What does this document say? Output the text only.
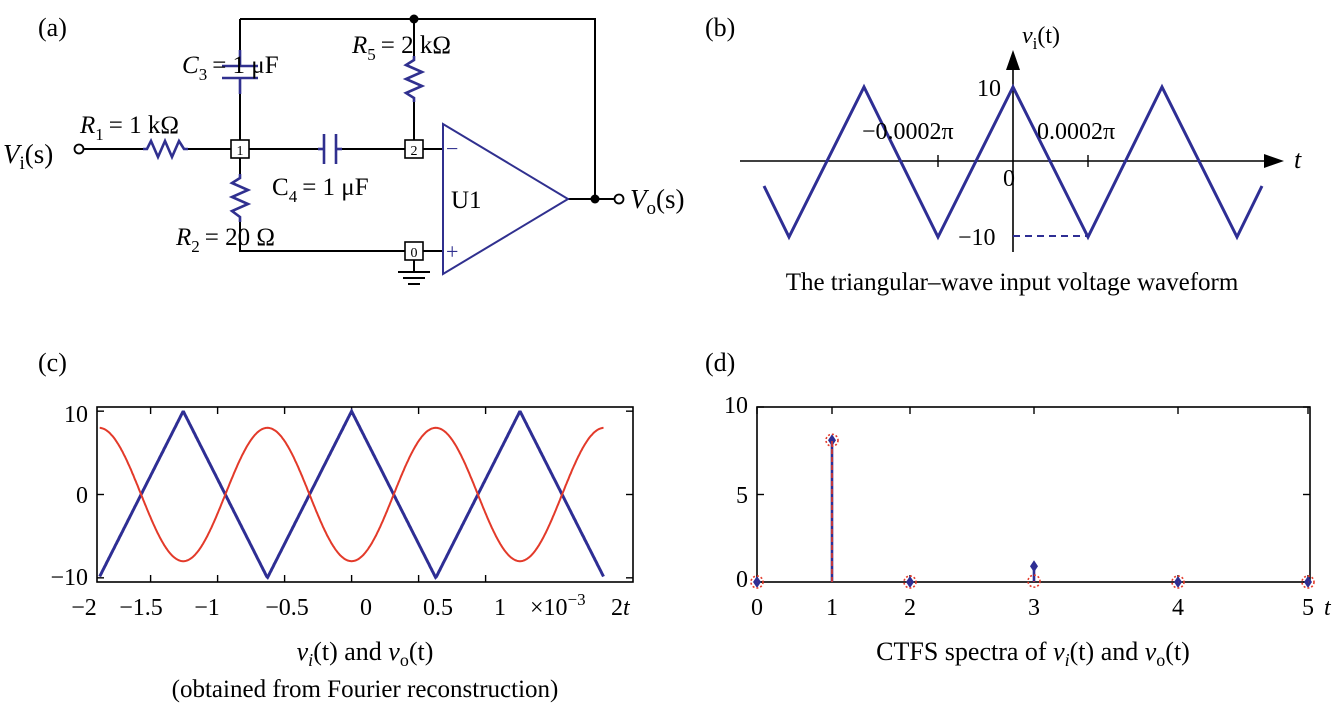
(a)
1	2
0
$C_3 = 1$ μF
$R_5 = 2$ kΩ
$R_1 = 1$ kΩ
$C_4 = 1$ μF
$R_2 = 20$ Ω
$V_i(s)$
$V_o(s)$
U1
−
+
(b)	$v_i(t)$
t
10
−10
0
−0.0002π	0.0002π
The triangular–wave input voltage waveform
(c)
10
0
−10
−2 −1.5 −1 −0.5 0 0.5 $1 \times 10^{-3}$ 2t
$v_i(t)$ and $v_o(t)$
(obtained from Fourier reconstruction)
(d)
10
5
0
0	1	2	3	4	5 t
CTFS spectra of $v_i(t)$ and $v_o(t)$
